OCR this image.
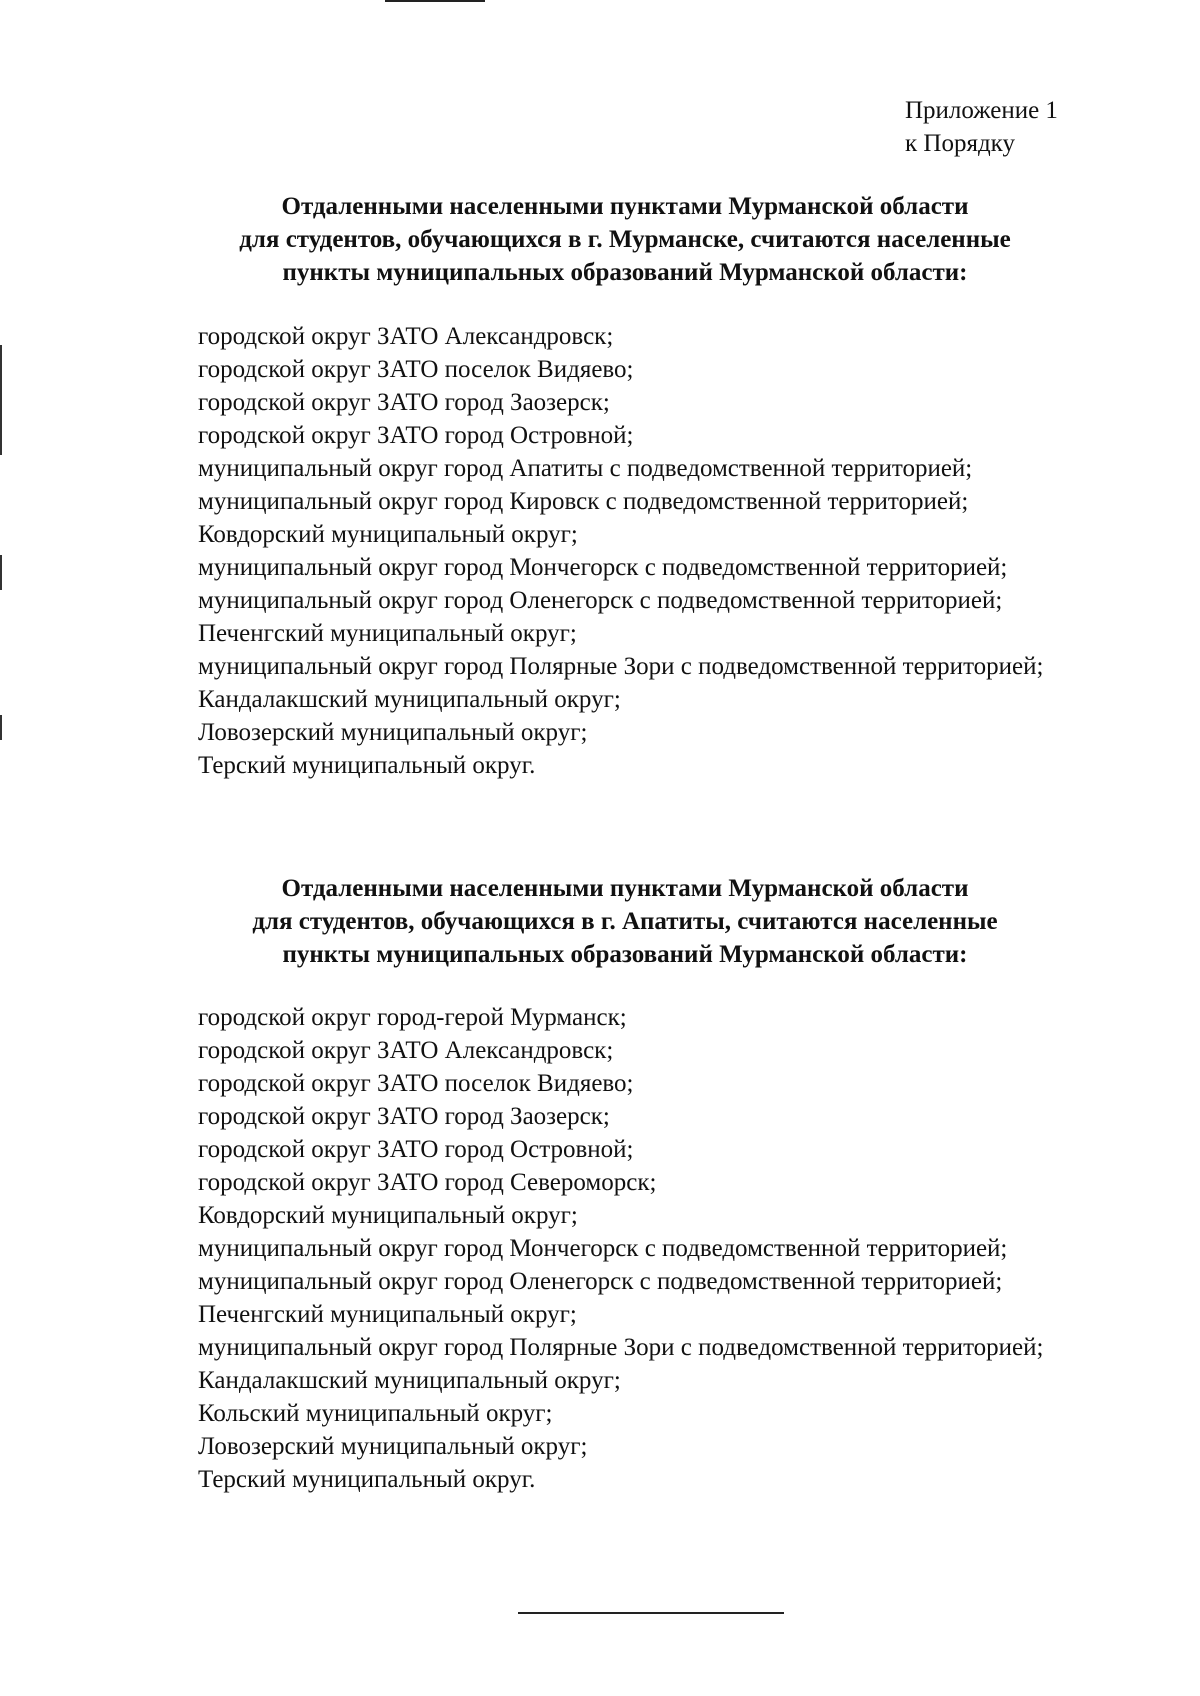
Приложение 1
к Порядку
Отдаленными населенными пунктами Мурманской области
для студентов, обучающихся в г. Мурманске, считаются населенные
пункты муниципальных образований Мурманской области:
городской округ ЗАТО Александровск;
городской округ ЗАТО поселок Видяево;
городской округ ЗАТО город Заозерск;
городской округ ЗАТО город Островной;
муниципальный округ город Апатиты с подведомственной территорией;
муниципальный округ город Кировск с подведомственной территорией;
Ковдорский муниципальный округ;
муниципальный округ город Мончегорск с подведомственной территорией;
муниципальный округ город Оленегорск с подведомственной территорией;
Печенгский муниципальный округ;
муниципальный округ город Полярные Зори с подведомственной территорией;
Кандалакшский муниципальный округ;
Ловозерский муниципальный округ;
Терский муниципальный округ.
Отдаленными населенными пунктами Мурманской области
для студентов, обучающихся в г. Апатиты, считаются населенные
пункты муниципальных образований Мурманской области:
городской округ город-герой Мурманск;
городской округ ЗАТО Александровск;
городской округ ЗАТО поселок Видяево;
городской округ ЗАТО город Заозерск;
городской округ ЗАТО город Островной;
городской округ ЗАТО город Североморск;
Ковдорский муниципальный округ;
муниципальный округ город Мончегорск с подведомственной территорией;
муниципальный округ город Оленегорск с подведомственной территорией;
Печенгский муниципальный округ;
муниципальный округ город Полярные Зори с подведомственной территорией;
Кандалакшский муниципальный округ;
Кольский муниципальный округ;
Ловозерский муниципальный округ;
Терский муниципальный округ.
